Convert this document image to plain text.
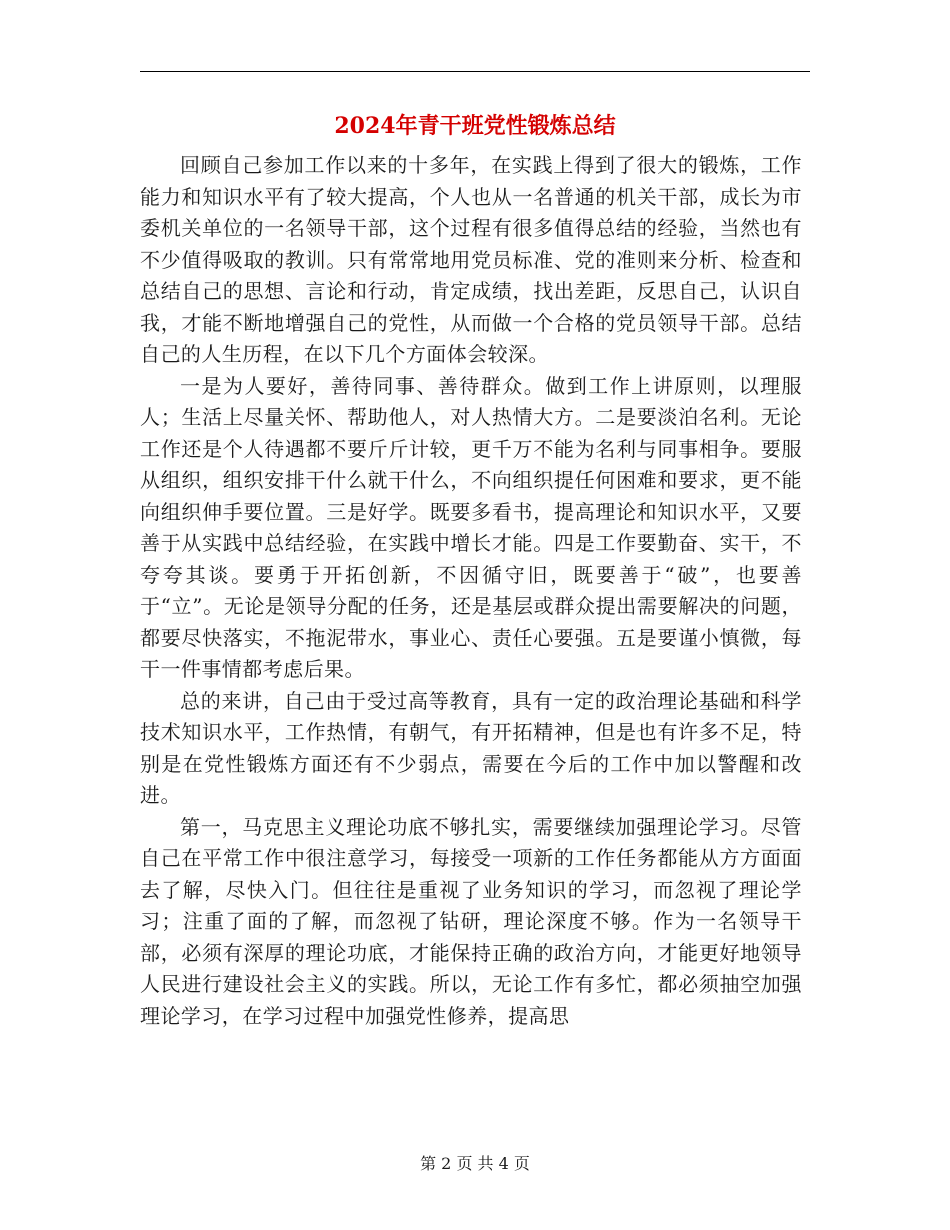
2024年青干班党性锻炼总结

回顾自己参加工作以来的十多年，在实践上得到了很大的锻炼，工作能力和知识水平有了较大提高，个人也从一名普通的机关干部，成长为市委机关单位的一名领导干部，这个过程有很多值得总结的经验，当然也有不少值得吸取的教训。只有常常地用党员标准、党的准则来分析、检查和总结自己的思想、言论和行动，肯定成绩，找出差距，反思自己，认识自我，才能不断地增强自己的党性，从而做一个合格的党员领导干部。总结自己的人生历程，在以下几个方面体会较深。

一是为人要好，善待同事、善待群众。做到工作上讲原则，以理服人；生活上尽量关怀、帮助他人，对人热情大方。二是要淡泊名利。无论工作还是个人待遇都不要斤斤计较，更千万不能为名利与同事相争。要服从组织，组织安排干什么就干什么，不向组织提任何困难和要求，更不能向组织伸手要位置。三是好学。既要多看书，提高理论和知识水平，又要善于从实践中总结经验，在实践中增长才能。四是工作要勤奋、实干，不夸夸其谈。要勇于开拓创新，不因循守旧，既要善于“破”，也要善于“立”。无论是领导分配的任务，还是基层或群众提出需要解决的问题， 都要尽快落实，不拖泥带水，事业心、责任心要强。五是要谨小慎微，每干一件事情都考虑后果。

总的来讲，自己由于受过高等教育，具有一定的政治理论基础和科学技术知识水平，工作热情，有朝气，有开拓精神，但是也有许多不足，特别是在党性锻炼方面还有不少弱点，需要在今后的工作中加以警醒和改进。

第一，马克思主义理论功底不够扎实，需要继续加强理论学习。尽管自己在平常工作中很注意学习，每接受一项新的工作任务都能从方方面面去了解，尽快入门。但往往是重视了业务知识的学习，而忽视了理论学习；注重了面的了解，而忽视了钻研，理论深度不够。作为一名领导干部，必须有深厚的理论功底，才能保持正确的政治方向，才能更好地领导人民进行建设社会主义的实践。所以，无论工作有多忙，都必须抽空加强理论学习，在学习过程中加强党性修养，提高思

第 2 页 共 4 页
